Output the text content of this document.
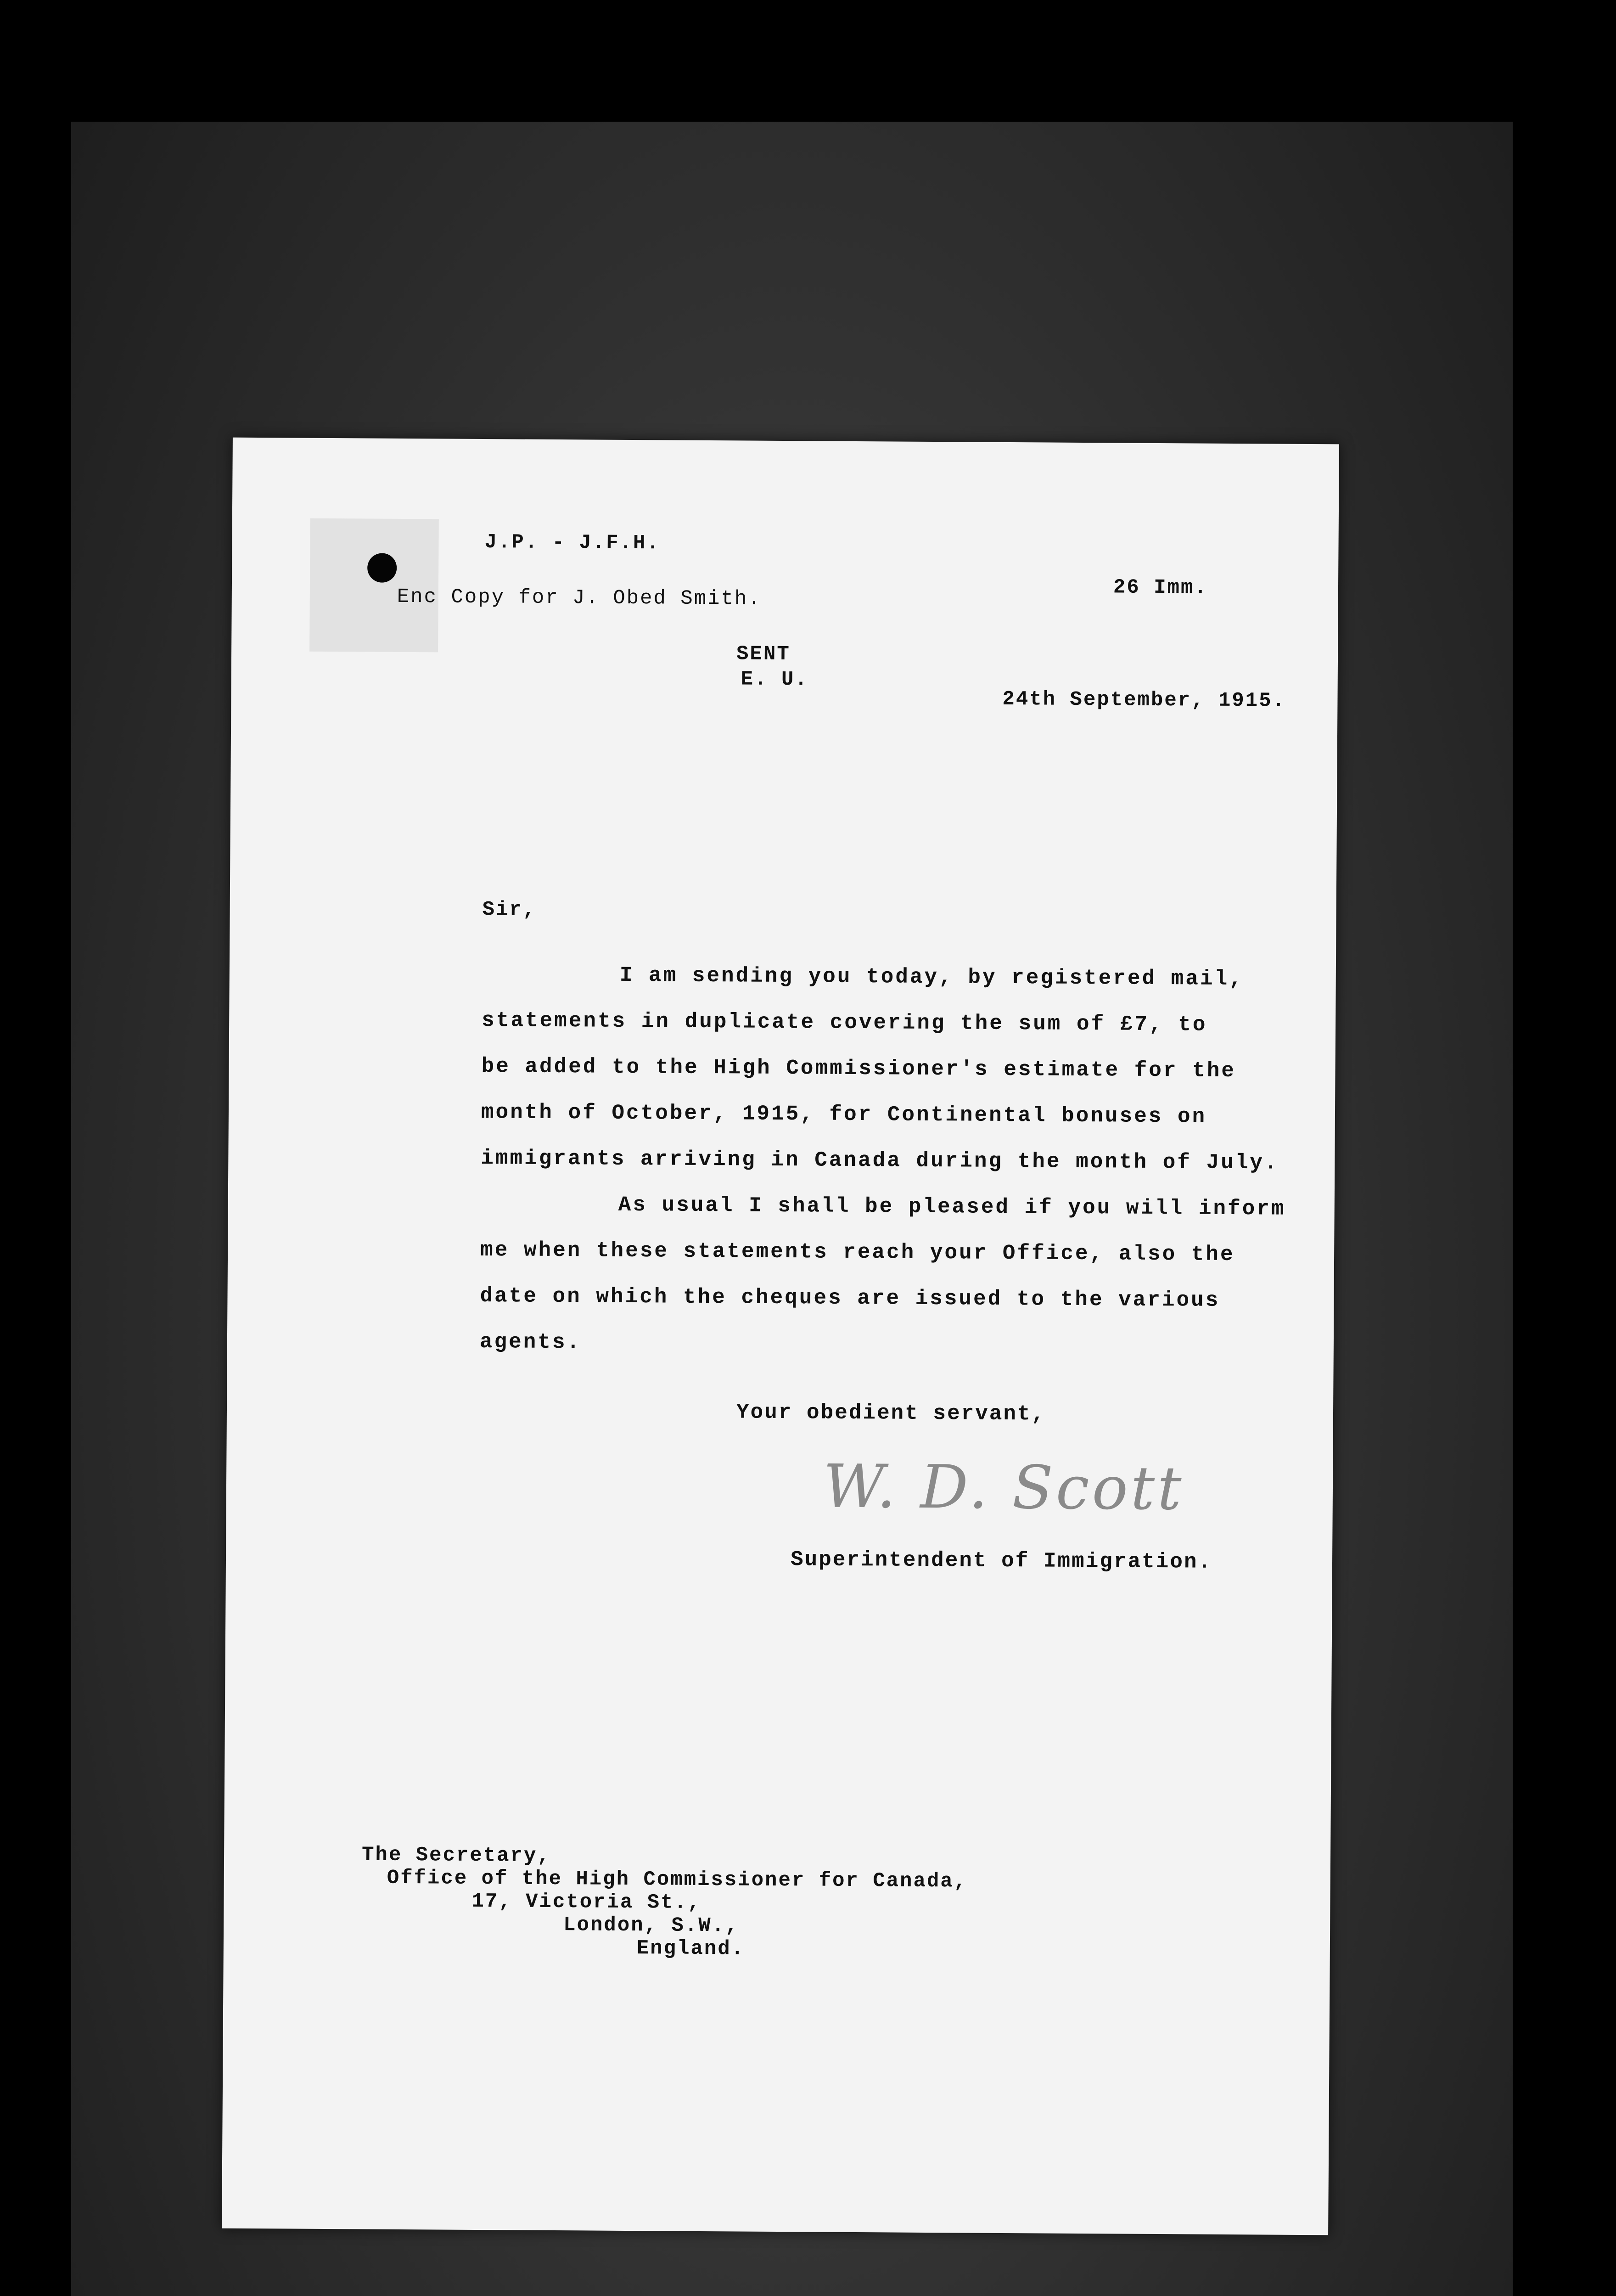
J.P. - J.F.H.
Enc Copy for J. Obed Smith.	26 Imm.
SENT
E. U.
24th September, 1915.
Sir,
I am sending you today, by registered mail,
statements in duplicate covering the sum of £7, to
be added to the High Commissioner's estimate for the
month of October, 1915, for Continental bonuses on
immigrants arriving in Canada during the month of July.
As usual I shall be pleased if you will inform
me when these statements reach your Office, also the
date on which the cheques are issued to the various
agents.
Your obedient servant,
W. D. Scott
Superintendent of Immigration.
The Secretary,
Office of the High Commissioner for Canada,
17, Victoria St.,
London, S.W.,
England.
